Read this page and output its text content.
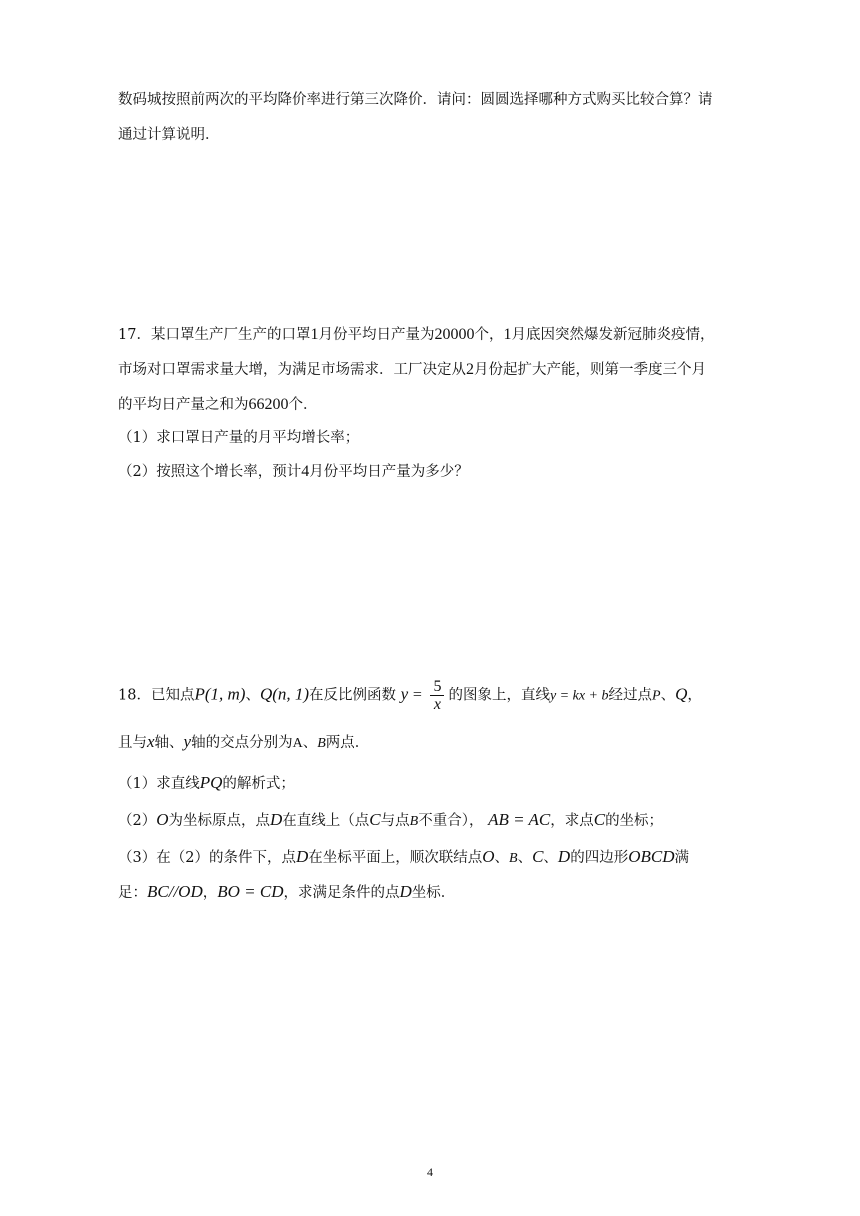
数码城按照前两次的平均降价率进行第三次降价．请问：圆圆选择哪种方式购买比较合算？请
通过计算说明．
17．某口罩生产厂生产的口罩1月份平均日产量为20000个，1月底因突然爆发新冠肺炎疫情，
市场对口罩需求量大增，为满足市场需求．工厂决定从2月份起扩大产能，则第一季度三个月
的平均日产量之和为66200个．
（1）求口罩日产量的月平均增长率；
（2）按照这个增长率，预计4月份平均日产量为多少？
18．已知点P(1, m)、Q(n, 1)在反比例函数 $y = \frac{5}{x}$ 的图象上，直线y = kx + b经过点P、Q，
且与x轴、y轴的交点分别为A、B两点．
（1）求直线PQ的解析式；
（2）O为坐标原点，点D在直线上（点C与点B不重合）， AB = AC，求点C的坐标；
（3）在（2）的条件下，点D在坐标平面上，顺次联结点O、B、C、D的四边形OBCD满
足：BC//OD，BO = CD，求满足条件的点D坐标．
4
